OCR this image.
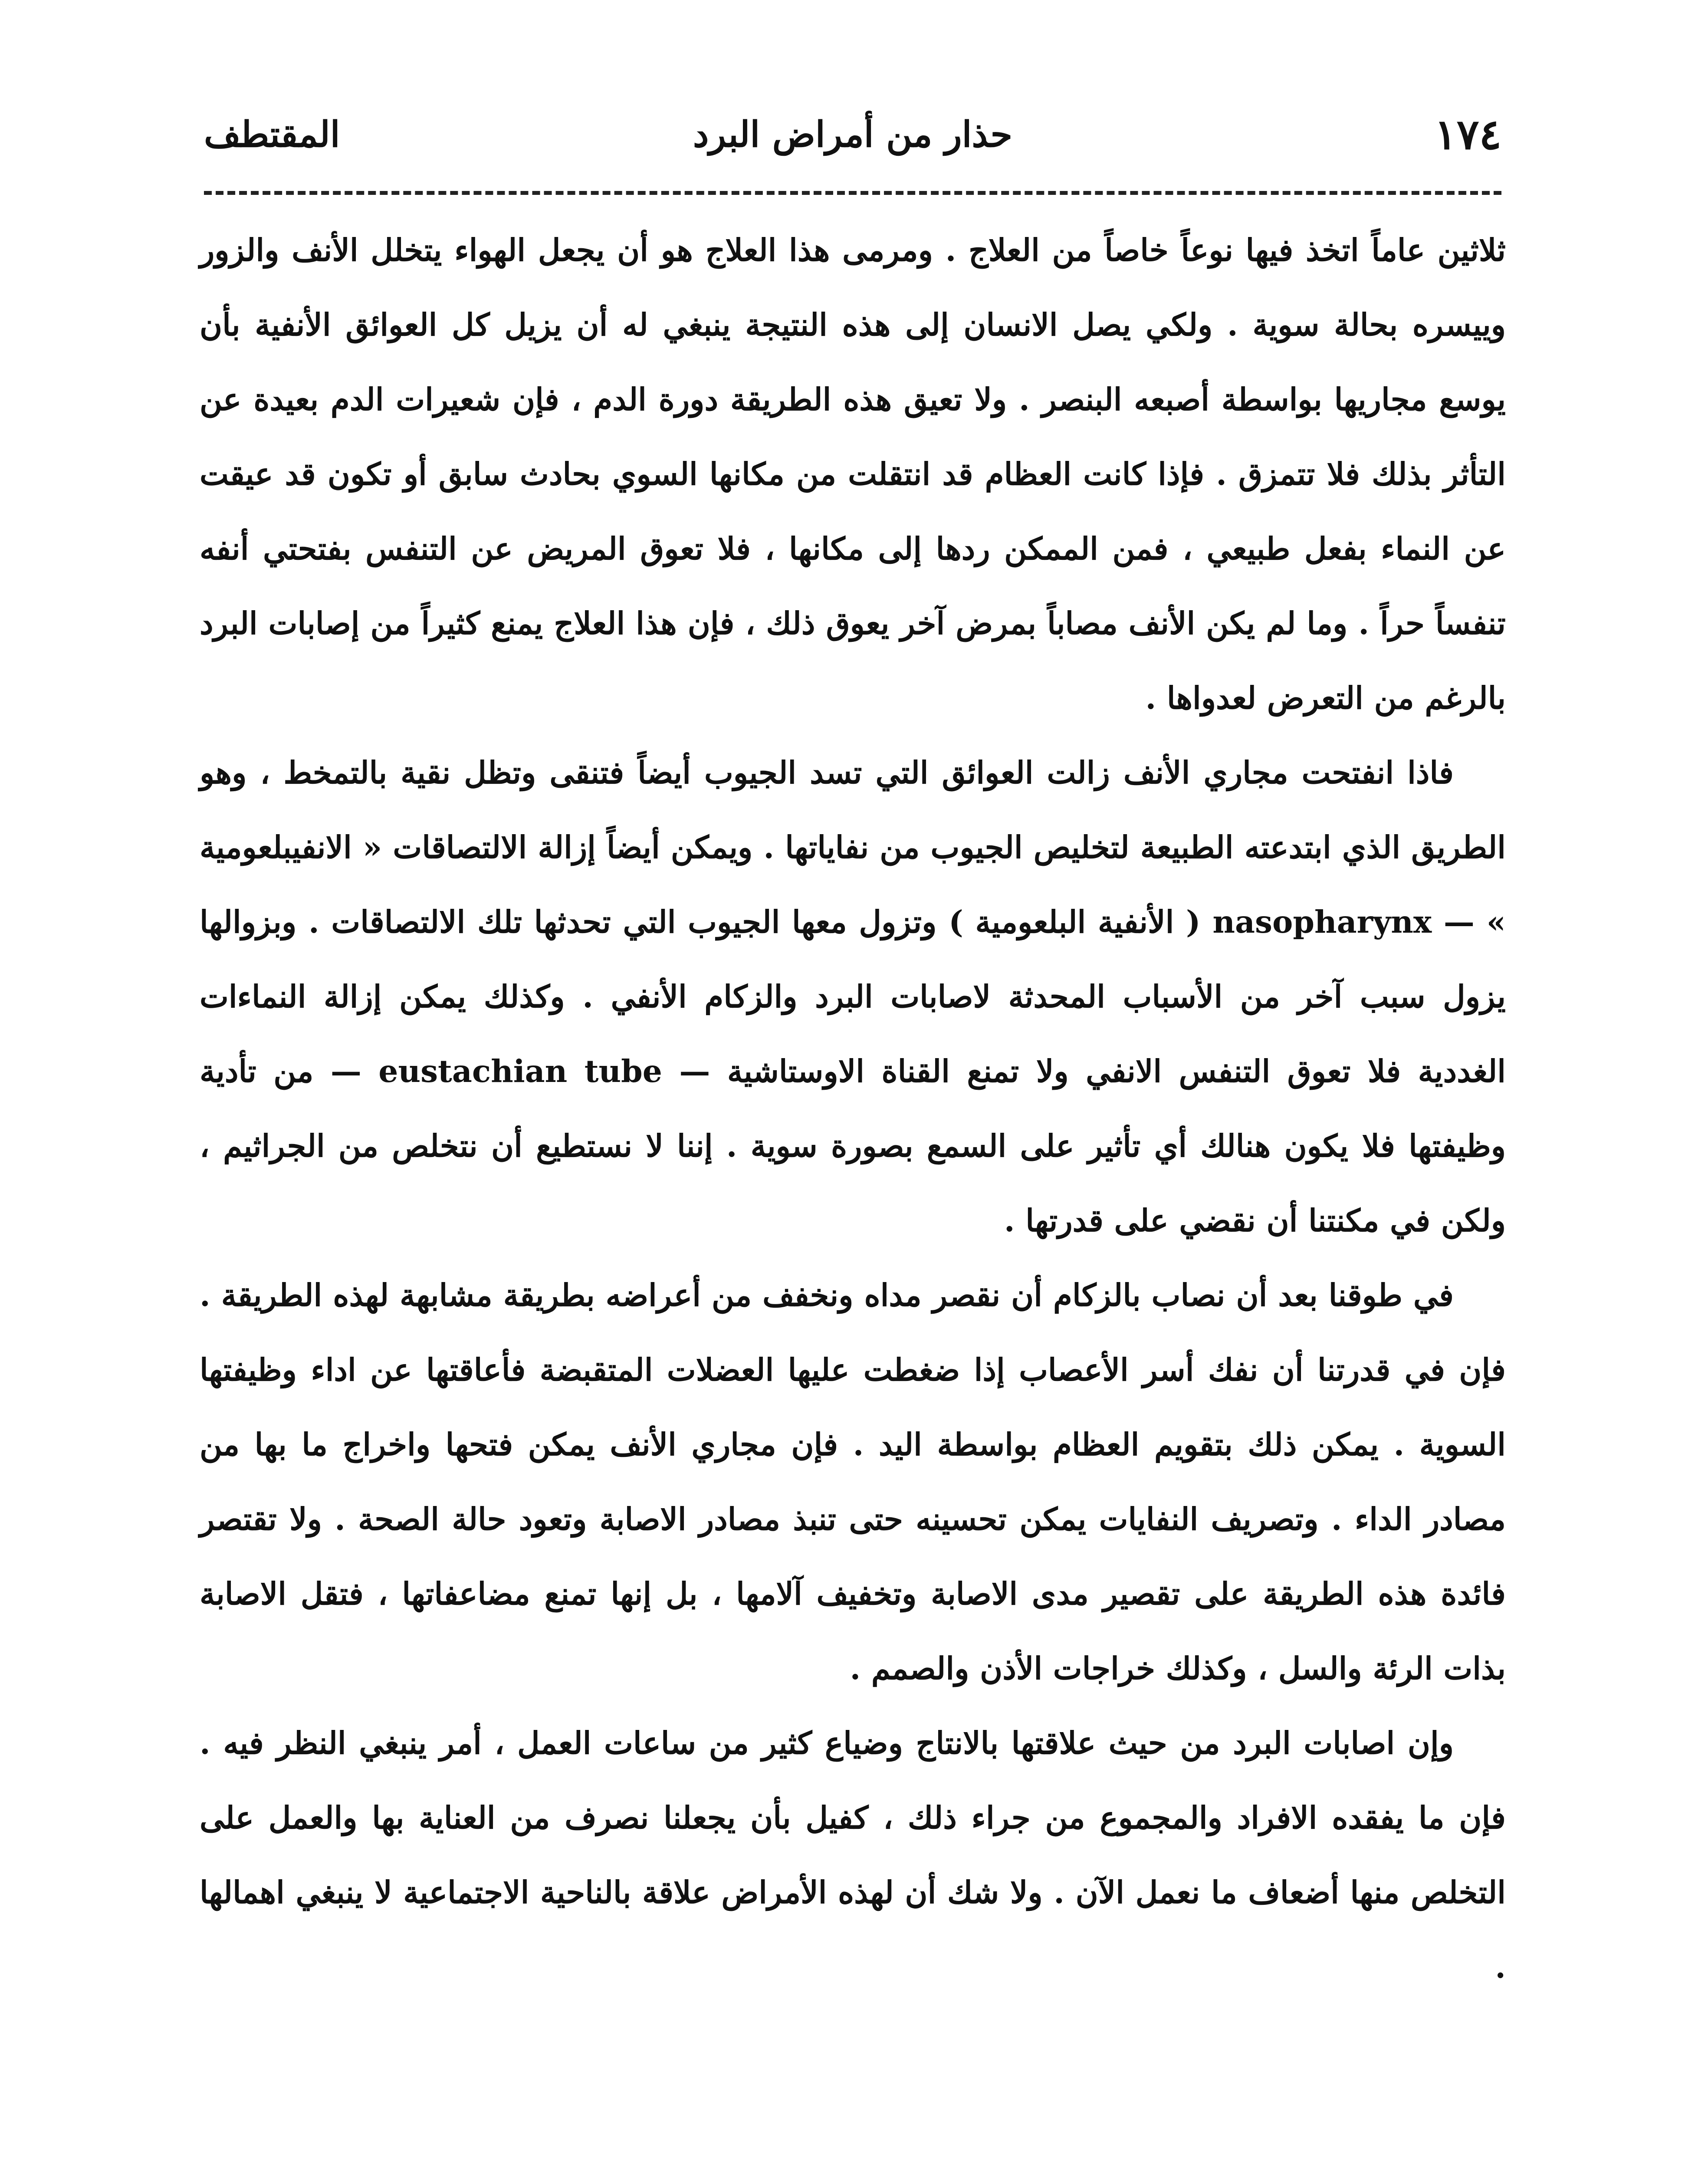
١٧٤
حذار من أمراض البرد
المقتطف

ثلاثين عاماً اتخذ فيها نوعاً خاصاً من العلاج . ومرمى هذا العلاج هو أن يجعل الهواء يتخلل الأنف والزور وييسره بحالة سوية . ولكي يصل الانسان إلى هذه النتيجة ينبغي له أن يزيل كل العوائق الأنفية بأن يوسع مجاريها بواسطة أصبعه البنصر . ولا تعيق هذه الطريقة دورة الدم ، فإن شعيرات الدم بعيدة عن التأثر بذلك فلا تتمزق . فإذا كانت العظام قد انتقلت من مكانها السوي بحادث سابق أو تكون قد عيقت عن النماء بفعل طبيعي ، فمن الممكن ردها إلى مكانها ، فلا تعوق المريض عن التنفس بفتحتي أنفه تنفساً حراً . وما لم يكن الأنف مصاباً بمرض آخر يعوق ذلك ، فإن هذا العلاج يمنع كثيراً من إصابات البرد بالرغم من التعرض لعدواها .

فاذا انفتحت مجاري الأنف زالت العوائق التي تسد الجيوب أيضاً فتنقى وتظل نقية بالتمخط ، وهو الطريق الذي ابتدعته الطبيعة لتخليص الجيوب من نفاياتها . ويمكن أيضاً إزالة الالتصاقات « الانفيبلعومية » — nasopharynx ( الأنفية البلعومية ) وتزول معها الجيوب التي تحدثها تلك الالتصاقات . وبزوالها يزول سبب آخر من الأسباب المحدثة لاصابات البرد والزكام الأنفي . وكذلك يمكن إزالة النماءات الغددية فلا تعوق التنفس الانفي ولا تمنع القناة الاوستاشية — eustachian tube — من تأدية وظيفتها فلا يكون هنالك أي تأثير على السمع بصورة سوية . إننا لا نستطيع أن نتخلص من الجراثيم ، ولكن في مكنتنا أن نقضي على قدرتها .

في طوقنا بعد أن نصاب بالزكام أن نقصر مداه ونخفف من أعراضه بطريقة مشابهة لهذه الطريقة . فإن في قدرتنا أن نفك أسر الأعصاب إذا ضغطت عليها العضلات المتقبضة فأعاقتها عن اداء وظيفتها السوية . يمكن ذلك بتقويم العظام بواسطة اليد . فإن مجاري الأنف يمكن فتحها واخراج ما بها من مصادر الداء . وتصريف النفايات يمكن تحسينه حتى تنبذ مصادر الاصابة وتعود حالة الصحة . ولا تقتصر فائدة هذه الطريقة على تقصير مدى الاصابة وتخفيف آلامها ، بل إنها تمنع مضاعفاتها ، فتقل الاصابة بذات الرئة والسل ، وكذلك خراجات الأذن والصمم .

وإن اصابات البرد من حيث علاقتها بالانتاج وضياع كثير من ساعات العمل ، أمر ينبغي النظر فيه . فإن ما يفقده الافراد والمجموع من جراء ذلك ، كفيل بأن يجعلنا نصرف من العناية بها والعمل على التخلص منها أضعاف ما نعمل الآن . ولا شك أن لهذه الأمراض علاقة بالناحية الاجتماعية لا ينبغي اهمالها .
